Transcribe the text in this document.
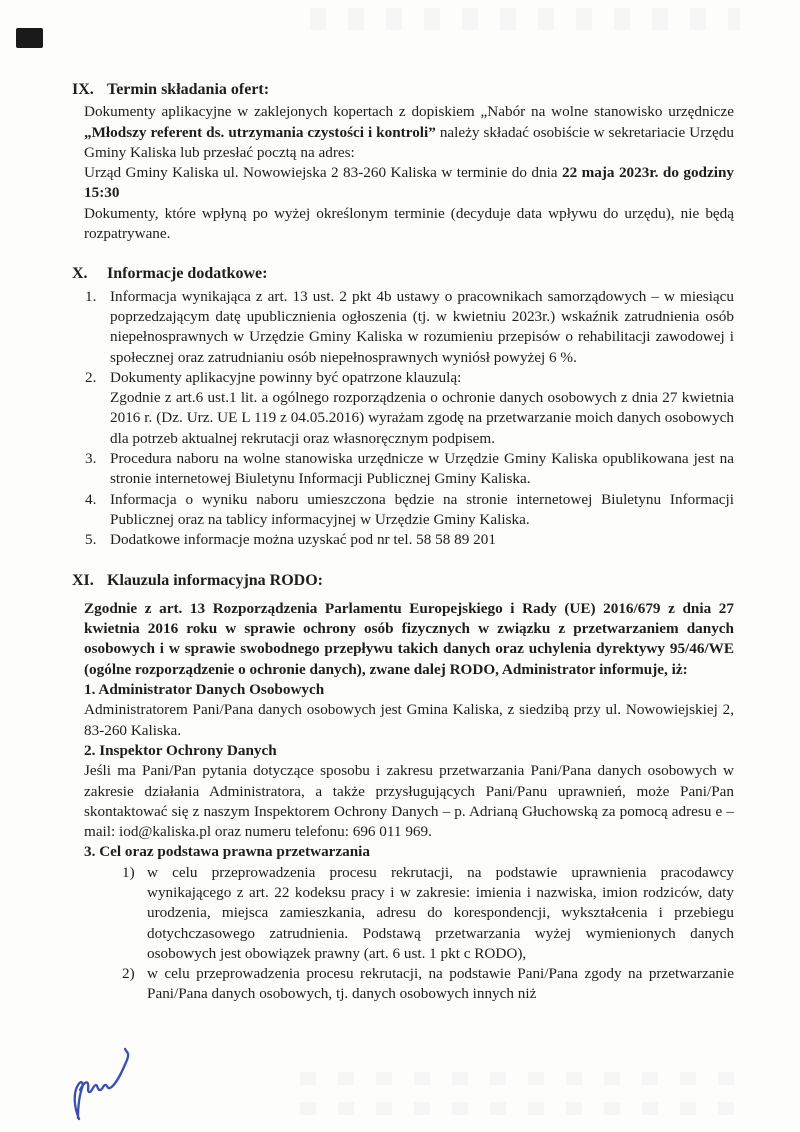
IX. Termin składania ofert:

Dokumenty aplikacyjne w zaklejonych kopertach z dopiskiem „Nabór na wolne stanowisko urzędnicze „Młodszy referent ds. utrzymania czystości i kontroli” należy składać osobiście w sekretariacie Urzędu Gminy Kaliska lub przesłać pocztą na adres:

Urząd Gminy Kaliska ul. Nowowiejska 2 83-260 Kaliska w terminie do dnia 22 maja 2023r. do godziny 15:30

Dokumenty, które wpłyną po wyżej określonym terminie (decyduje data wpływu do urzędu), nie będą rozpatrywane.

X.	Informacje dodatkowe:
1. Informacja wynikająca z art. 13 ust. 2 pkt 4b ustawy o pracownikach samorządowych – w miesiącu poprzedzającym datę upublicznienia ogłoszenia (tj. w kwietniu 2023r.) wskaźnik zatrudnienia osób niepełnosprawnych w Urzędzie Gminy Kaliska w rozumieniu przepisów o rehabilitacji zawodowej i społecznej oraz zatrudnianiu osób niepełnosprawnych wyniósł powyżej 6 %.

2. Dokumenty aplikacyjne powinny być opatrzone klauzulą:

Zgodnie z art.6 ust.1 lit. a ogólnego rozporządzenia o ochronie danych osobowych z dnia 27 kwietnia 2016 r. (Dz. Urz. UE L 119 z 04.05.2016) wyrażam zgodę na przetwarzanie moich danych osobowych dla potrzeb aktualnej rekrutacji oraz własnoręcznym podpisem.

3. Procedura naboru na wolne stanowiska urzędnicze w Urzędzie Gminy Kaliska opublikowana jest na stronie internetowej Biuletynu Informacji Publicznej Gminy Kaliska.

4. Informacja o wyniku naboru umieszczona będzie na stronie internetowej Biuletynu Informacji Publicznej oraz na tablicy informacyjnej w Urzędzie Gminy Kaliska.

5. Dodatkowe informacje można uzyskać pod nr tel. 58 58 89 201

XI. Klauzula informacyjna RODO:

Zgodnie z art. 13 Rozporządzenia Parlamentu Europejskiego i Rady (UE) 2016/679 z dnia 27 kwietnia 2016 roku w sprawie ochrony osób fizycznych w związku z przetwarzaniem danych osobowych i w sprawie swobodnego przepływu takich danych oraz uchylenia dyrektywy 95/46/WE (ogólne rozporządzenie o ochronie danych), zwane dalej RODO, Administrator informuje, iż:

1. Administrator Danych Osobowych

Administratorem Pani/Pana danych osobowych jest Gmina Kaliska, z siedzibą przy ul. Nowowiejskiej 2, 83-260 Kaliska.

2. Inspektor Ochrony Danych

Jeśli ma Pani/Pan pytania dotyczące sposobu i zakresu przetwarzania Pani/Pana danych osobowych w zakresie działania Administratora, a także przysługujących Pani/Panu uprawnień, może Pani/Pan skontaktować się z naszym Inspektorem Ochrony Danych – p. Adrianą Głuchowską za pomocą adresu e – mail: iod@kaliska.pl oraz numeru telefonu: 696 011 969.

3. Cel oraz podstawa prawna przetwarzania

1) w celu przeprowadzenia procesu rekrutacji, na podstawie uprawnienia pracodawcy wynikającego z art. 22 kodeksu pracy i w zakresie: imienia i nazwiska, imion rodziców, daty urodzenia, miejsca zamieszkania, adresu do korespondencji, wykształcenia i przebiegu dotychczasowego zatrudnienia. Podstawą przetwarzania wyżej wymienionych danych osobowych jest obowiązek prawny (art. 6 ust. 1 pkt c RODO),

2) w celu przeprowadzenia procesu rekrutacji, na podstawie Pani/Pana zgody na przetwarzanie Pani/Pana danych osobowych, tj. danych osobowych innych niż
